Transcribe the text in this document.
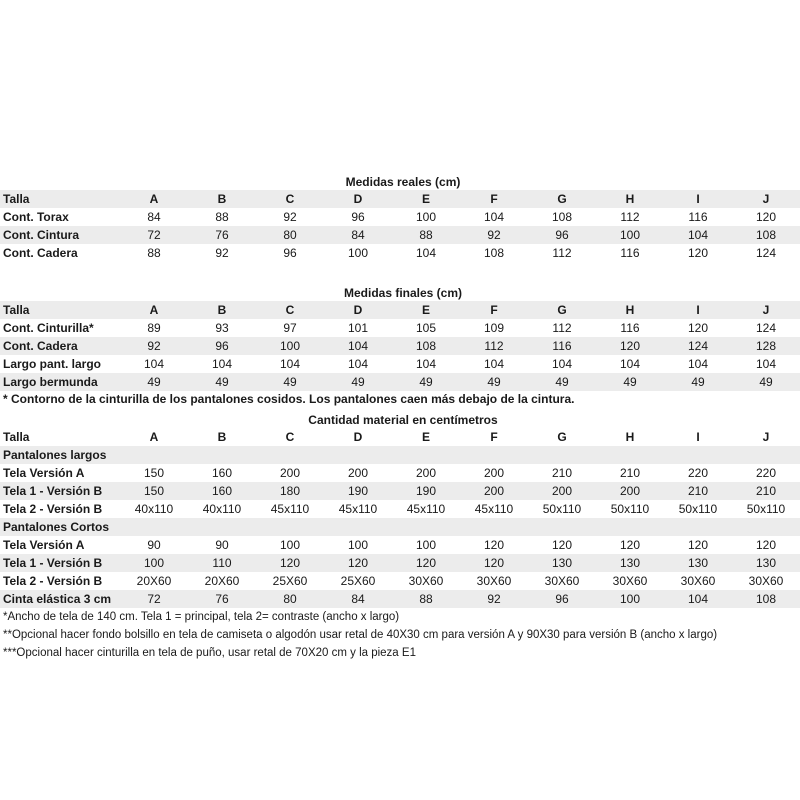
Medidas reales (cm)
Talla	A	B	C	D	E	F	G	H	I	J
Cont. Torax	84	88	92	96	100	104	108	112	116	120
Cont. Cintura	72	76	80	84	88	92	96	100	104	108
Cont. Cadera	88	92	96	100	104	108	112	116	120	124
Medidas finales (cm)
Talla	A	B	C	D	E	F	G	H	I	J
Cont. Cinturilla*	89	93	97	101	105	109	112	116	120	124
Cont. Cadera	92	96	100	104	108	112	116	120	124	128
Largo pant. largo	104	104	104	104	104	104	104	104	104	104
Largo bermunda	49	49	49	49	49	49	49	49	49	49
* Contorno de la cinturilla de los pantalones cosidos. Los pantalones caen más debajo de la cintura.
Cantidad material en centímetros
Talla	A	B	C	D	E	F	G	H	I	J
Pantalones largos										
Tela Versión A	150	160	200	200	200	200	210	210	220	220
Tela 1 - Versión B	150	160	180	190	190	200	200	200	210	210
Tela 2 - Versión B	40x110	40x110	45x110	45x110	45x110	45x110	50x110	50x110	50x110	50x110
Pantalones Cortos										
Tela Versión A	90	90	100	100	100	120	120	120	120	120
Tela 1 - Versión B	100	110	120	120	120	120	130	130	130	130
Tela 2 - Versión B	20X60	20X60	25X60	25X60	30X60	30X60	30X60	30X60	30X60	30X60
Cinta elástica 3 cm	72	76	80	84	88	92	96	100	104	108
*Ancho de tela de 140 cm. Tela 1 = principal, tela 2= contraste (ancho x largo)
**Opcional hacer fondo bolsillo en tela de camiseta o algodón usar retal de 40X30 cm para versión A y 90X30 para versión B (ancho x largo)
***Opcional hacer cinturilla en tela de puño, usar retal de 70X20 cm y la pieza E1
